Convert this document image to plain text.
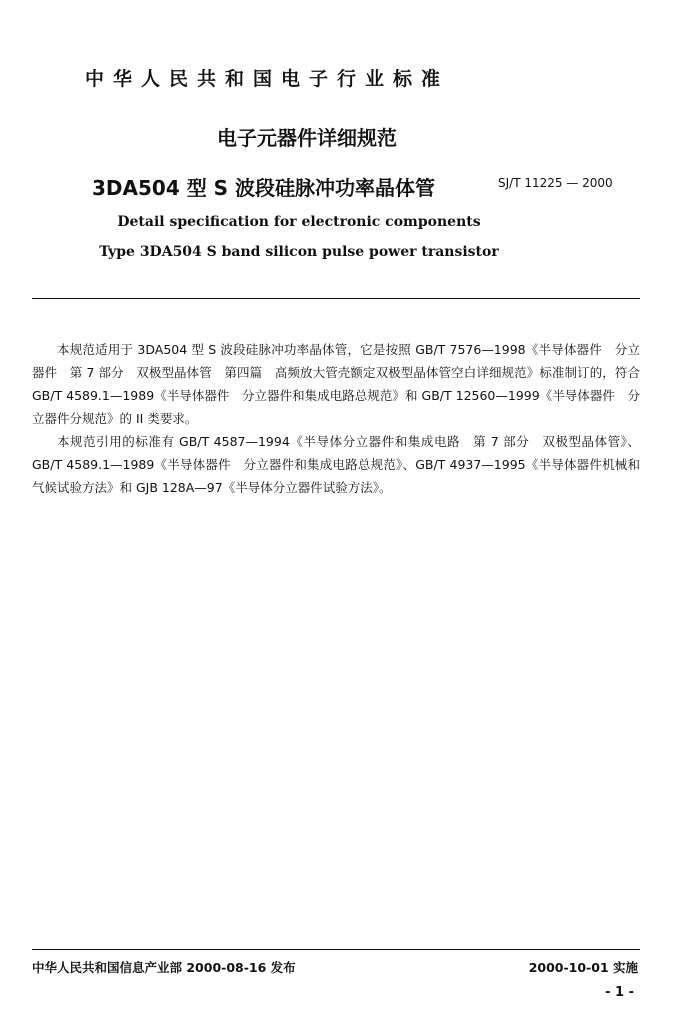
中华人民共和国电子行业标准
电子元器件详细规范
3DA504 型 S 波段硅脉冲功率晶体管	SJ/T 11225 — 2000
Detail specification for electronic components
Type 3DA504 S band silicon pulse power transistor

本规范适用于 3DA504 型 S 波段硅脉冲功率晶体管，它是按照 GB/T 7576—1998《半导体器件　分立器件　第 7 部分　双极型晶体管　第四篇　高频放大管壳额定双极型晶体管空白详细规范》标准制订的，符合 GB/T 4589.1—1989《半导体器件　分立器件和集成电路总规范》和 GB/T 12560—1999《半导体器件　分立器件分规范》的 II 类要求。

本规范引用的标准有 GB/T 4587—1994《半导体分立器件和集成电路　第 7 部分　双极型晶体管》、GB/T 4589.1—1989《半导体器件　分立器件和集成电路总规范》、GB/T 4937—1995《半导体器件机械和气候试验方法》和 GJB 128A—97《半导体分立器件试验方法》。

中华人民共和国信息产业部 2000-08-16 发布	2000-10-01 实施
- 1 -
